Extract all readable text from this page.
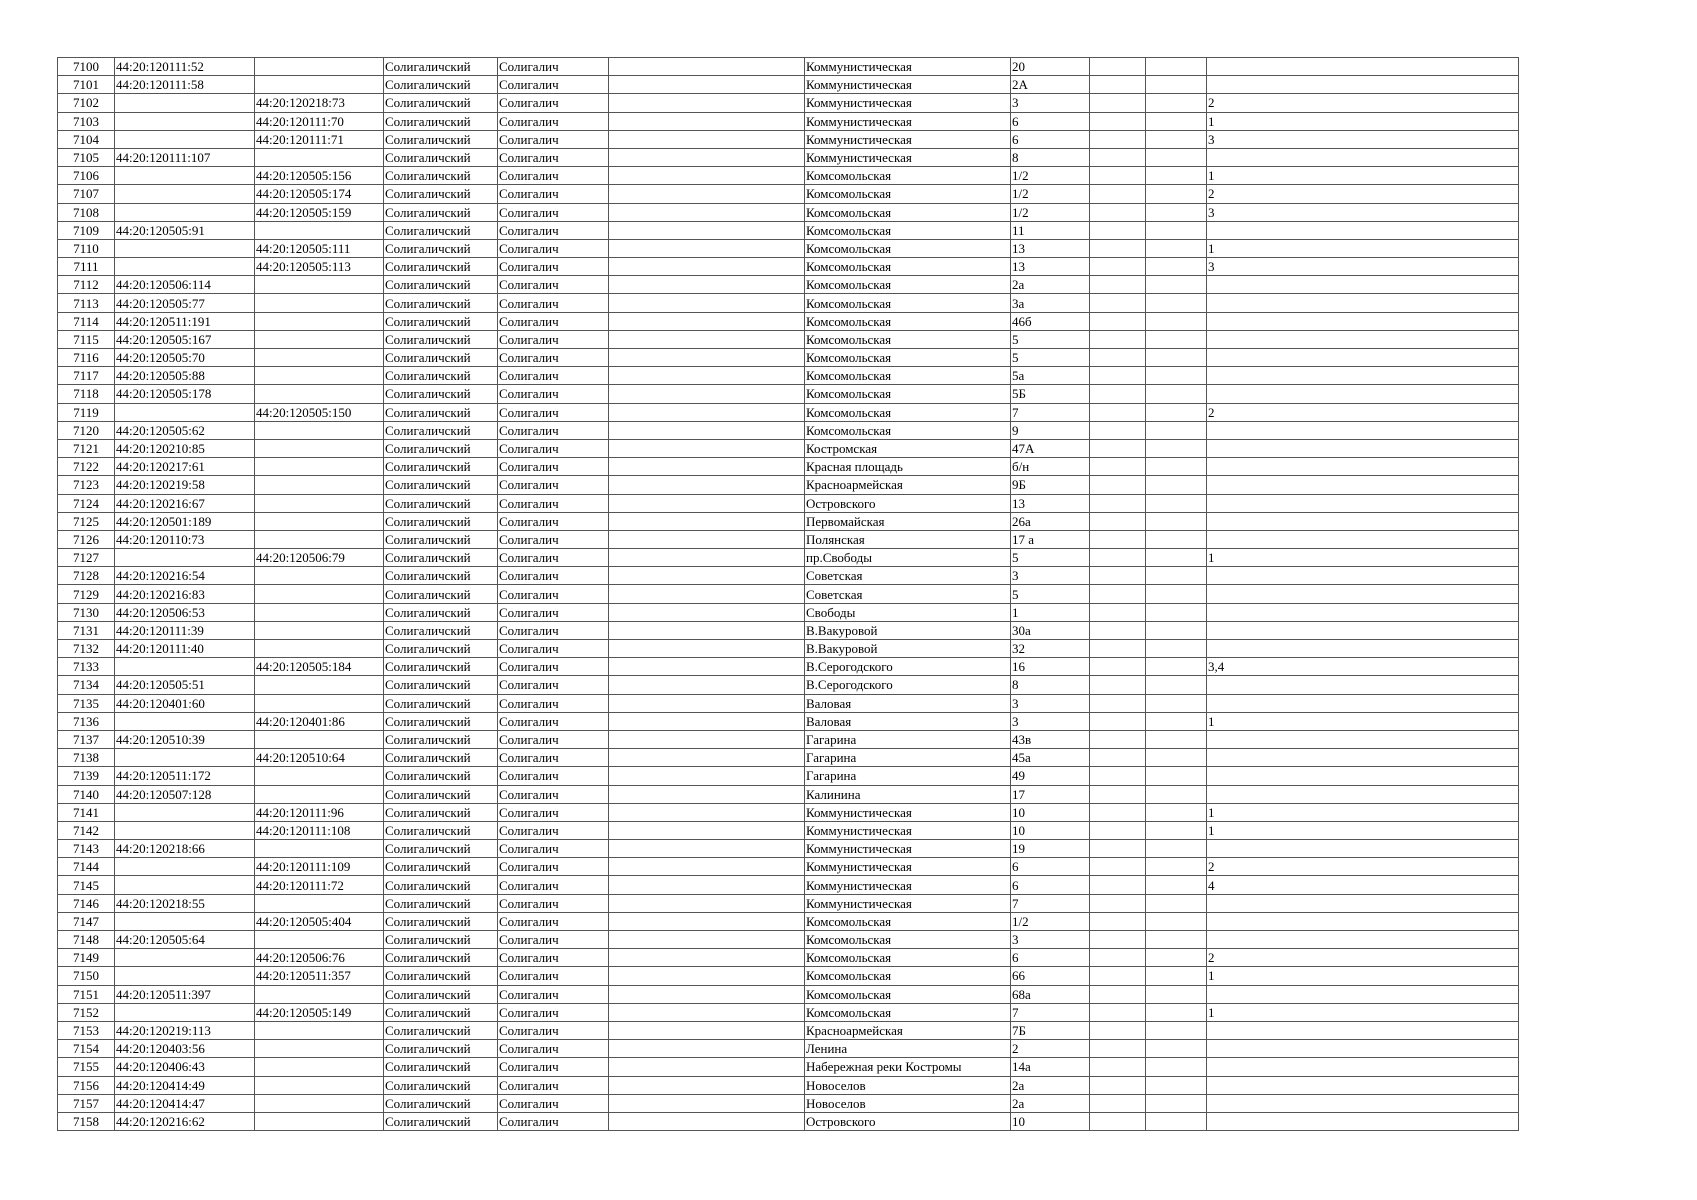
7100	44:20:120111:52		Солигаличский	Солигалич		Коммунистическая	20			
7101	44:20:120111:58		Солигаличский	Солигалич		Коммунистическая	2А			
7102		44:20:120218:73	Солигаличский	Солигалич		Коммунистическая	3			2
7103		44:20:120111:70	Солигаличский	Солигалич		Коммунистическая	6			1
7104		44:20:120111:71	Солигаличский	Солигалич		Коммунистическая	6			3
7105	44:20:120111:107		Солигаличский	Солигалич		Коммунистическая	8			
7106		44:20:120505:156	Солигаличский	Солигалич		Комсомольская	1/2			1
7107		44:20:120505:174	Солигаличский	Солигалич		Комсомольская	1/2			2
7108		44:20:120505:159	Солигаличский	Солигалич		Комсомольская	1/2			3
7109	44:20:120505:91		Солигаличский	Солигалич		Комсомольская	11			
7110		44:20:120505:111	Солигаличский	Солигалич		Комсомольская	13			1
7111		44:20:120505:113	Солигаличский	Солигалич		Комсомольская	13			3
7112	44:20:120506:114		Солигаличский	Солигалич		Комсомольская	2а			
7113	44:20:120505:77		Солигаличский	Солигалич		Комсомольская	3а			
7114	44:20:120511:191		Солигаличский	Солигалич		Комсомольская	46б			
7115	44:20:120505:167		Солигаличский	Солигалич		Комсомольская	5			
7116	44:20:120505:70		Солигаличский	Солигалич		Комсомольская	5			
7117	44:20:120505:88		Солигаличский	Солигалич		Комсомольская	5а			
7118	44:20:120505:178		Солигаличский	Солигалич		Комсомольская	5Б			
7119		44:20:120505:150	Солигаличский	Солигалич		Комсомольская	7			2
7120	44:20:120505:62		Солигаличский	Солигалич		Комсомольская	9			
7121	44:20:120210:85		Солигаличский	Солигалич		Костромская	47А			
7122	44:20:120217:61		Солигаличский	Солигалич		Красная площадь	б/н			
7123	44:20:120219:58		Солигаличский	Солигалич		Красноармейская	9Б			
7124	44:20:120216:67		Солигаличский	Солигалич		Островского	13			
7125	44:20:120501:189		Солигаличский	Солигалич		Первомайская	26а			
7126	44:20:120110:73		Солигаличский	Солигалич		Полянская	17 а			
7127		44:20:120506:79	Солигаличский	Солигалич		пр.Свободы	5			1
7128	44:20:120216:54		Солигаличский	Солигалич		Советская	3			
7129	44:20:120216:83		Солигаличский	Солигалич		Советская	5			
7130	44:20:120506:53		Солигаличский	Солигалич		Свободы	1			
7131	44:20:120111:39		Солигаличский	Солигалич		В.Вакуровой	30а			
7132	44:20:120111:40		Солигаличский	Солигалич		В.Вакуровой	32			
7133		44:20:120505:184	Солигаличский	Солигалич		В.Серогодского	16			3,4
7134	44:20:120505:51		Солигаличский	Солигалич		В.Серогодского	8			
7135	44:20:120401:60		Солигаличский	Солигалич		Валовая	3			
7136		44:20:120401:86	Солигаличский	Солигалич		Валовая	3			1
7137	44:20:120510:39		Солигаличский	Солигалич		Гагарина	43в			
7138		44:20:120510:64	Солигаличский	Солигалич		Гагарина	45а			
7139	44:20:120511:172		Солигаличский	Солигалич		Гагарина	49			
7140	44:20:120507:128		Солигаличский	Солигалич		Калинина	17			
7141		44:20:120111:96	Солигаличский	Солигалич		Коммунистическая	10			1
7142		44:20:120111:108	Солигаличский	Солигалич		Коммунистическая	10			1
7143	44:20:120218:66		Солигаличский	Солигалич		Коммунистическая	19			
7144		44:20:120111:109	Солигаличский	Солигалич		Коммунистическая	6			2
7145		44:20:120111:72	Солигаличский	Солигалич		Коммунистическая	6			4
7146	44:20:120218:55		Солигаличский	Солигалич		Коммунистическая	7			
7147		44:20:120505:404	Солигаличский	Солигалич		Комсомольская	1/2			
7148	44:20:120505:64		Солигаличский	Солигалич		Комсомольская	3			
7149		44:20:120506:76	Солигаличский	Солигалич		Комсомольская	6			2
7150		44:20:120511:357	Солигаличский	Солигалич		Комсомольская	66			1
7151	44:20:120511:397		Солигаличский	Солигалич		Комсомольская	68а			
7152		44:20:120505:149	Солигаличский	Солигалич		Комсомольская	7			1
7153	44:20:120219:113		Солигаличский	Солигалич		Красноармейская	7Б			
7154	44:20:120403:56		Солигаличский	Солигалич		Ленина	2			
7155	44:20:120406:43		Солигаличский	Солигалич		Набережная реки Костромы	14а			
7156	44:20:120414:49		Солигаличский	Солигалич		Новоселов	2а			
7157	44:20:120414:47		Солигаличский	Солигалич		Новоселов	2а			
7158	44:20:120216:62		Солигаличский	Солигалич		Островского	10			
